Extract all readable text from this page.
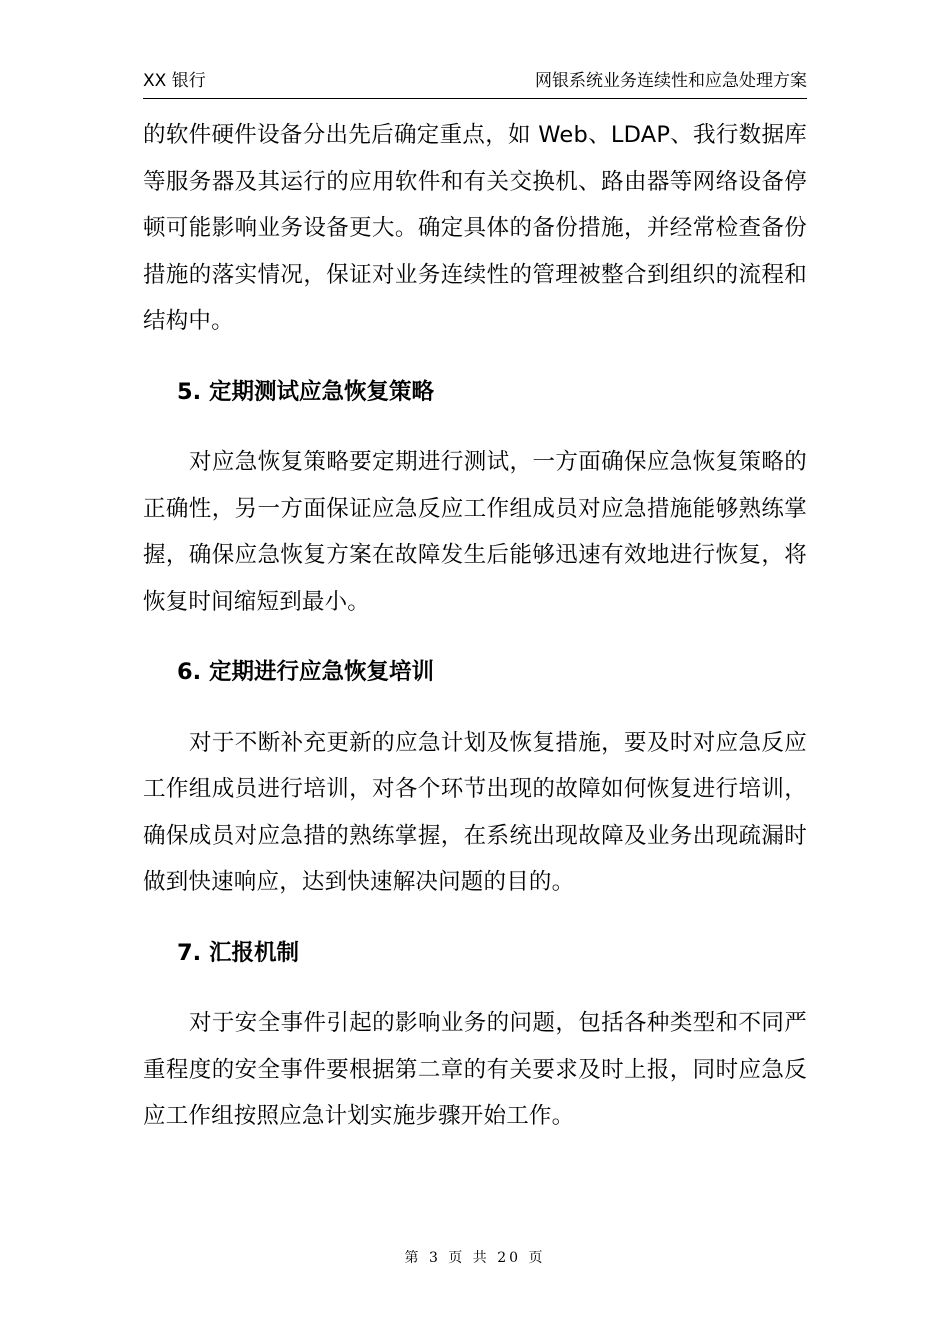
XX 银行	网银系统业务连续性和应急处理方案

的软件硬件设备分出先后确定重点，如 Web、LDAP、我行数据库等服务器及其运行的应用软件和有关交换机、路由器等网络设备停顿可能影响业务设备更大。确定具体的备份措施，并经常检查备份措施的落实情况，保证对业务连续性的管理被整合到组织的流程和结构中。

5. 定期测试应急恢复策略

对应急恢复策略要定期进行测试，一方面确保应急恢复策略的正确性，另一方面保证应急反应工作组成员对应急措施能够熟练掌握，确保应急恢复方案在故障发生后能够迅速有效地进行恢复，将恢复时间缩短到最小。

6. 定期进行应急恢复培训

对于不断补充更新的应急计划及恢复措施，要及时对应急反应工作组成员进行培训，对各个环节出现的故障如何恢复进行培训，确保成员对应急措的熟练掌握，在系统出现故障及业务出现疏漏时做到快速响应，达到快速解决问题的目的。

7. 汇报机制

对于安全事件引起的影响业务的问题，包括各种类型和不同严重程度的安全事件要根据第二章的有关要求及时上报，同时应急反应工作组按照应急计划实施步骤开始工作。

第 3 页 共 20 页
